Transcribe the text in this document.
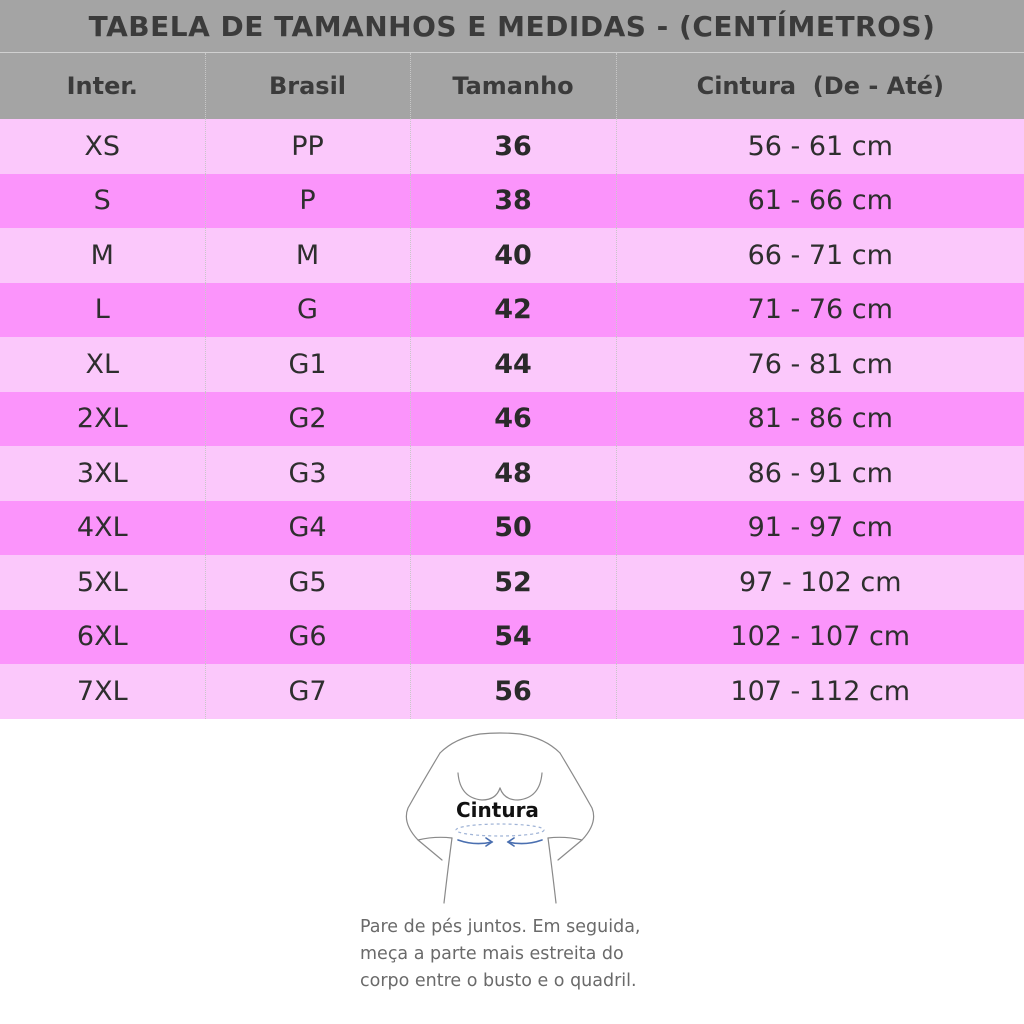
TABELA DE TAMANHOS E MEDIDAS - (CENTÍMETROS)			
Inter.	Brasil	Tamanho	Cintura  (De - Até)
XS	PP	36	56 - 61 cm
S	P	38	61 - 66 cm
M	M	40	66 - 71 cm
L	G	42	71 - 76 cm
XL	G1	44	76 - 81 cm
2XL	G2	46	81 - 86 cm
3XL	G3	48	86 - 91 cm
4XL	G4	50	91 - 97 cm
5XL	G5	52	97 - 102 cm
6XL	G6	54	102 - 107 cm
7XL	G7	56	107 - 112 cm
Cintura
Pare de pés juntos. Em seguida, meça a parte mais estreita do corpo entre o busto e o quadril.
